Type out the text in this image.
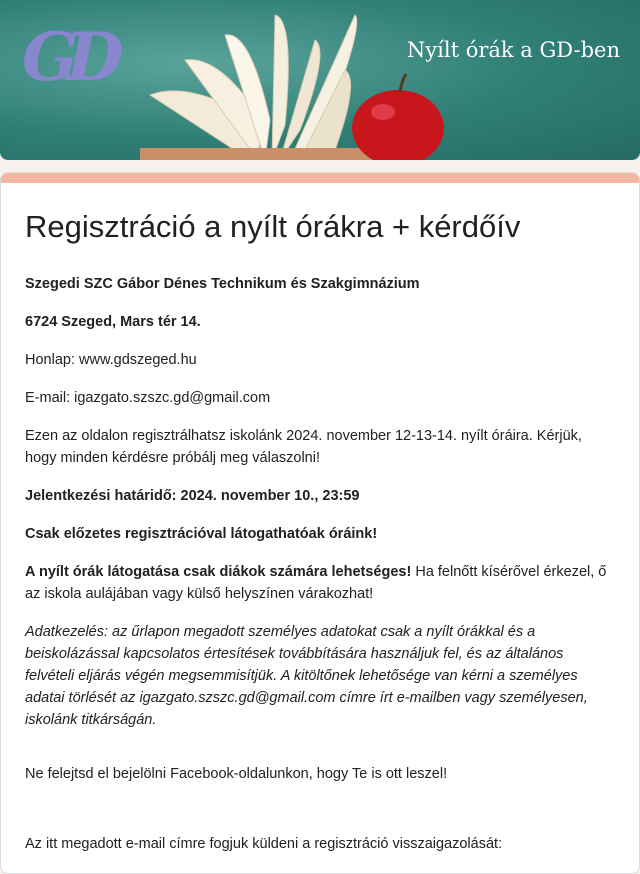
GD	Nyílt órák a GD-ben
Regisztráció a nyílt órákra + kérdőív

Szegedi SZC Gábor Dénes Technikum és Szakgimnázium

6724 Szeged, Mars tér 14.

Honlap: www.gdszeged.hu

E-mail: igazgato.szszc.gd@gmail.com

Ezen az oldalon regisztrálhatsz iskolánk 2024. november 12-13-14. nyílt óráira. Kérjük, hogy minden kérdésre próbálj meg válaszolni!

Jelentkezési határidő: 2024. november 10., 23:59

Csak előzetes regisztrációval látogathatóak óráink!

A nyílt órák látogatása csak diákok számára lehetséges! Ha felnőtt kísérővel érkezel, ő az iskola aulájában vagy külső helyszínen várakozhat!

Adatkezelés: az űrlapon megadott személyes adatokat csak a nyílt órákkal és a beiskolázással kapcsolatos értesítések továbbítására használjuk fel, és az általános felvételi eljárás végén megsemmisítjük. A kitöltőnek lehetősége van kérni a személyes adatai törlését az igazgato.szszc.gd@gmail.com címre írt e-mailben vagy személyesen, iskolánk titkárságán.

Ne felejtsd el bejelölni Facebook-oldalunkon, hogy Te is ott leszel!

Az itt megadott e-mail címre fogjuk küldeni a regisztráció visszaigazolását:
